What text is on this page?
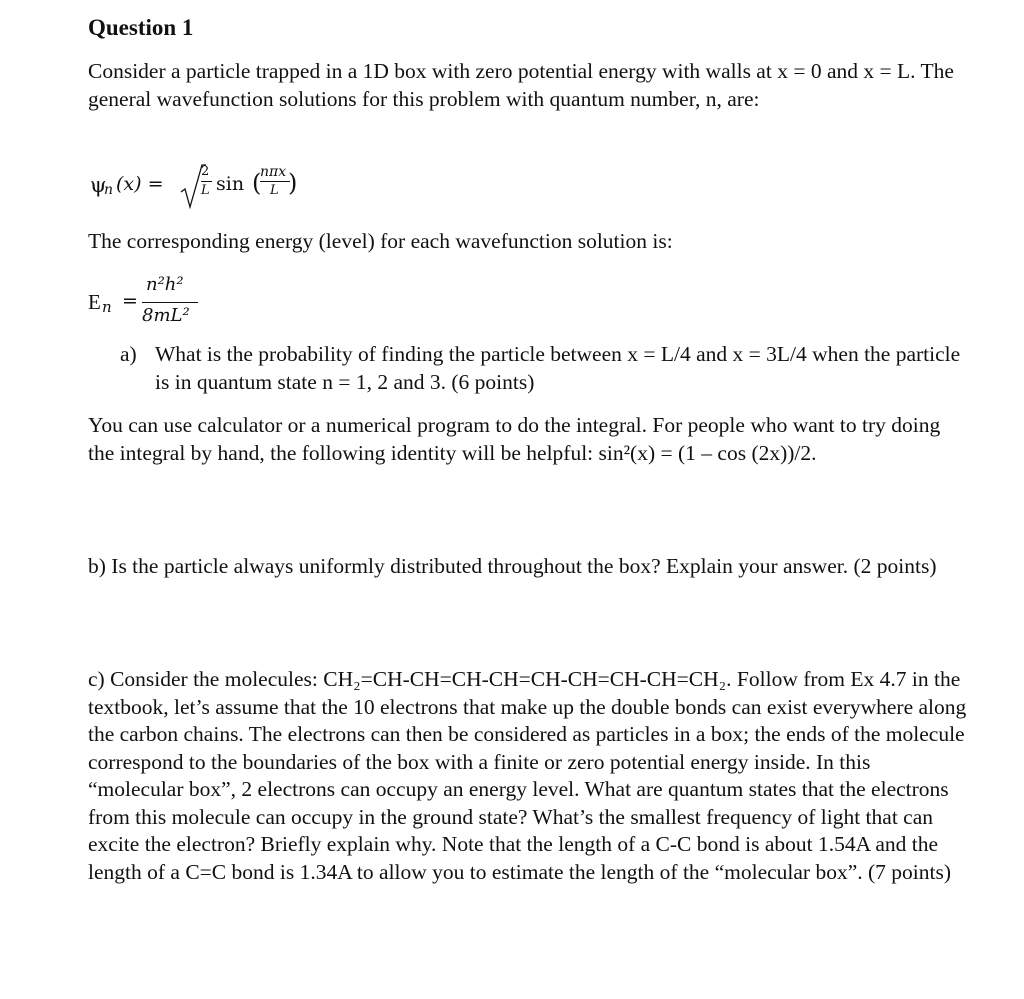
Question 1
Consider a particle trapped in a 1D box with zero potential energy with walls at x = 0 and x = L. The general wavefunction solutions for this problem with quantum number, n, are:
ψ
n (x) =
2
L sin (
nπx
L )
The corresponding energy (level) for each wavefunction solution is:
E n =
n²h²
8mL²
a) What is the probability of finding the particle between x = L/4 and x = 3L/4 when the particle is in quantum state n = 1, 2 and 3. (6 points)
You can use calculator or a numerical program to do the integral. For people who want to try doing the integral by hand, the following identity will be helpful: sin²(x) = (1 – cos (2x))/2.
b) Is the particle always uniformly distributed throughout the box? Explain your answer. (2 points)
c) Consider the molecules: CH₂=CH-CH=CH-CH=CH-CH=CH-CH=CH₂. Follow from Ex 4.7 in the textbook, let’s assume that the 10 electrons that make up the double bonds can exist everywhere along the carbon chains. The electrons can then be considered as particles in a box; the ends of the molecule correspond to the boundaries of the box with a finite or zero potential energy inside. In this “molecular box”, 2 electrons can occupy an energy level. What are quantum states that the electrons from this molecule can occupy in the ground state? What’s the smallest frequency of light that can excite the electron? Briefly explain why. Note that the length of a C-C bond is about 1.54A and the length of a C=C bond is 1.34A to allow you to estimate the length of the “molecular box”. (7 points)
